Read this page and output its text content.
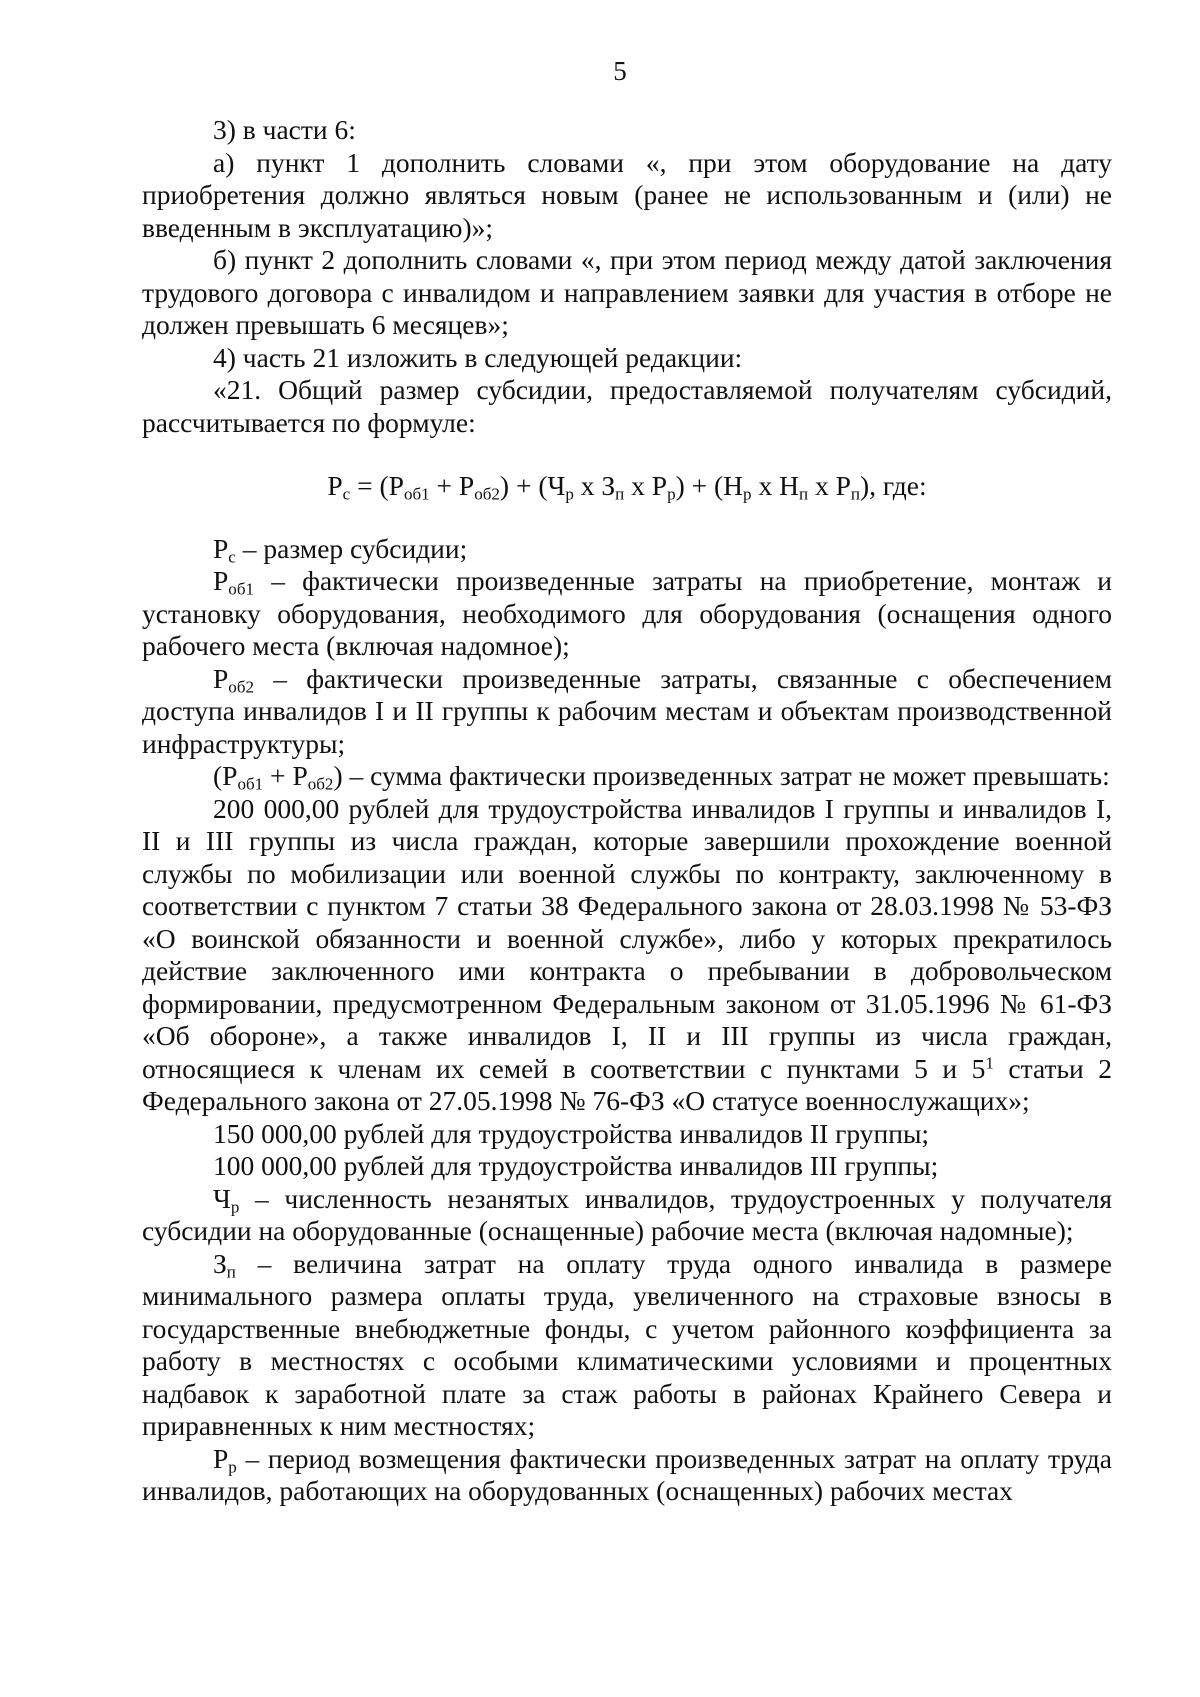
5

3) в части 6:

а) пункт 1 дополнить словами «, при этом оборудование на дату приобретения должно являться новым (ранее не использованным и (или) не введенным в эксплуатацию)»;

б) пункт 2 дополнить словами «, при этом период между датой заключения трудового договора с инвалидом и направлением заявки для участия в отборе не должен превышать 6 месяцев»;

4) часть 21 изложить в следующей редакции:

«21. Общий размер субсидии, предоставляемой получателям субсидий, рассчитывается по формуле:

$P_с = (P_{об1} + P_{об2}) + (Ч_р$ х $З_п$ х $P_р) + (Н_р$ х $Н_п$ х $P_п$), где:

$P_с$ – размер субсидии;

$P_{об1}$ – фактически произведенные затраты на приобретение, монтаж и установку оборудования, необходимого для оборудования (оснащения одного рабочего места (включая надомное);

$P_{об2}$ – фактически произведенные затраты, связанные с обеспечением доступа инвалидов I и II группы к рабочим местам и объектам производственной инфраструктуры;

$(P_{об1} + P_{об2})$ – сумма фактически произведенных затрат не может превышать:

200 000,00 рублей для трудоустройства инвалидов I группы и инвалидов I, II и III группы из числа граждан, которые завершили прохождение военной службы по мобилизации или военной службы по контракту, заключенному в соответствии с пунктом 7 статьи 38 Федерального закона от 28.03.1998 № 53-ФЗ «О воинской обязанности и военной службе», либо у которых прекратилось действие заключенного ими контракта о пребывании в добровольческом формировании, предусмотренном Федеральным законом от 31.05.1996 № 61-ФЗ «Об обороне», а также инвалидов I, II и III группы из числа граждан, относящиеся к членам их семей в соответствии с пунктами 5 и $5^1$ статьи 2 Федерального закона от 27.05.1998 № 76-ФЗ «О статусе военнослужащих»;

150 000,00 рублей для трудоустройства инвалидов II группы;

100 000,00 рублей для трудоустройства инвалидов III группы;

$Ч_р$ – численность незанятых инвалидов, трудоустроенных у получателя субсидии на оборудованные (оснащенные) рабочие места (включая надомные);

$З_п$ – величина затрат на оплату труда одного инвалида в размере минимального размера оплаты труда, увеличенного на страховые взносы в государственные внебюджетные фонды, с учетом районного коэффициента за работу в местностях с особыми климатическими условиями и процентных надбавок к заработной плате за стаж работы в районах Крайнего Севера и приравненных к ним местностях;

$P_р$ – период возмещения фактически произведенных затрат на оплату труда инвалидов, работающих на оборудованных (оснащенных) рабочих местах
